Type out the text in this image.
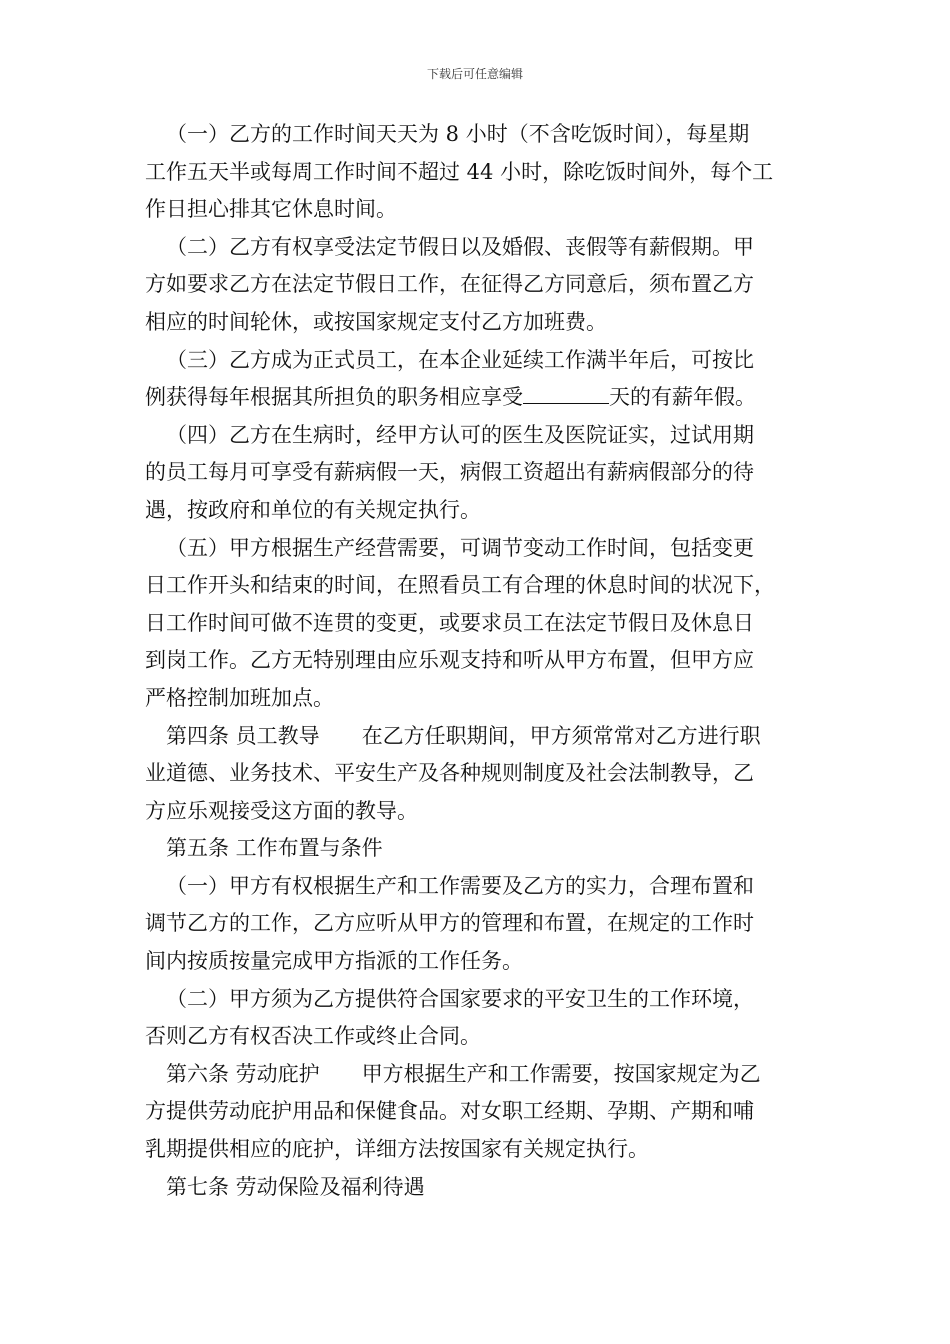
下载后可任意编辑
（一）乙方的工作时间天天为 8 小时（不含吃饭时间），每星期
工作五天半或每周工作时间不超过 44 小时，除吃饭时间外，每个工
作日担心排其它休息时间。
（二）乙方有权享受法定节假日以及婚假、丧假等有薪假期。甲
方如要求乙方在法定节假日工作，在征得乙方同意后，须布置乙方
相应的时间轮休，或按国家规定支付乙方加班费。
（三）乙方成为正式员工，在本企业延续工作满半年后，可按比
例获得每年根据其所担负的职务相应享受	天的有薪年假。
（四）乙方在生病时，经甲方认可的医生及医院证实，过试用期
的员工每月可享受有薪病假一天，病假工资超出有薪病假部分的待
遇，按政府和单位的有关规定执行。
（五）甲方根据生产经营需要，可调节变动工作时间，包括变更
日工作开头和结束的时间，在照看员工有合理的休息时间的状况下，
日工作时间可做不连贯的变更，或要求员工在法定节假日及休息日
到岗工作。乙方无特别理由应乐观支持和听从甲方布置，但甲方应
严格控制加班加点。
第四条 员工教导 在乙方任职期间，甲方须常常对乙方进行职
业道德、业务技术、平安生产及各种规则制度及社会法制教导，乙
方应乐观接受这方面的教导。
第五条 工作布置与条件
（一）甲方有权根据生产和工作需要及乙方的实力，合理布置和
调节乙方的工作，乙方应听从甲方的管理和布置，在规定的工作时
间内按质按量完成甲方指派的工作任务。
（二）甲方须为乙方提供符合国家要求的平安卫生的工作环境，
否则乙方有权否决工作或终止合同。
第六条 劳动庇护 甲方根据生产和工作需要，按国家规定为乙
方提供劳动庇护用品和保健食品。对女职工经期、孕期、产期和哺
乳期提供相应的庇护，详细方法按国家有关规定执行。
第七条 劳动保险及福利待遇
